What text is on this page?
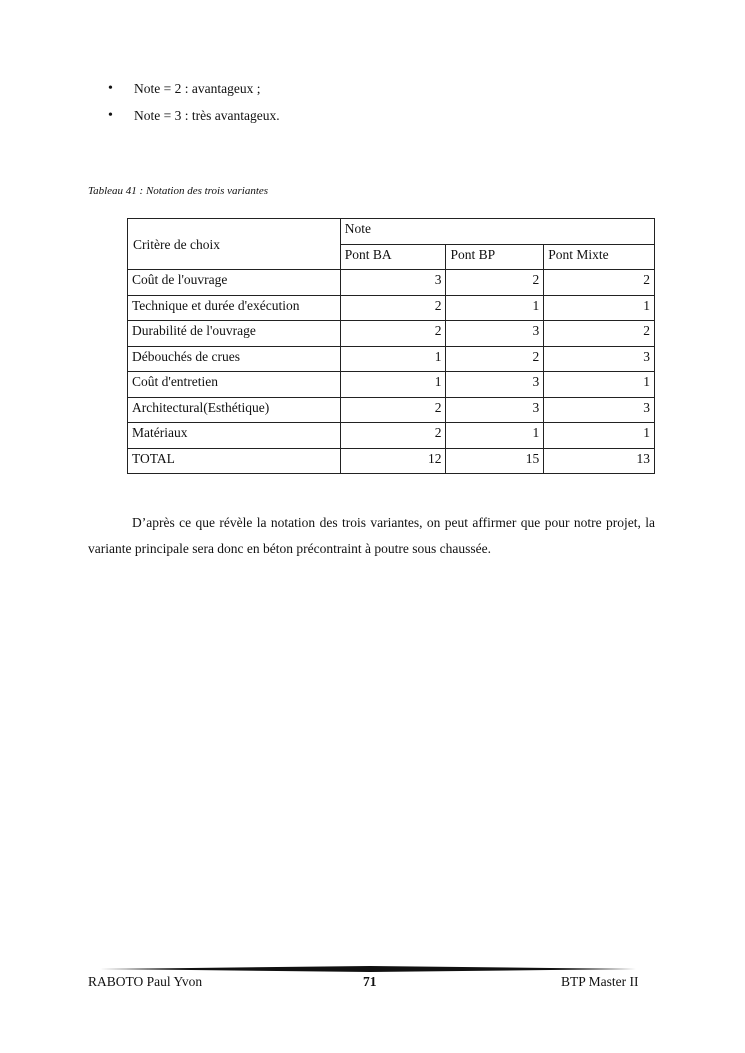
• Note = 2 : avantageux ;
• Note = 3 : très avantageux.
Tableau 41 : Notation des trois variantes
Critère de choix	Note		
	Pont BA	Pont BP	Pont Mixte
Coût de l'ouvrage	3	2	2
Technique et durée d'exécution	2	1	1
Durabilité de l'ouvrage	2	3	2
Débouchés de crues	1	2	3
Coût d'entretien	1	3	1
Architectural(Esthétique)	2	3	3
Matériaux	2	1	1
TOTAL	12	15	13

D’après ce que révèle la notation des trois variantes, on peut affirmer que pour notre projet, la variante principale sera donc en béton précontraint à poutre sous chaussée.

RABOTO Paul Yvon	71	BTP Master II
